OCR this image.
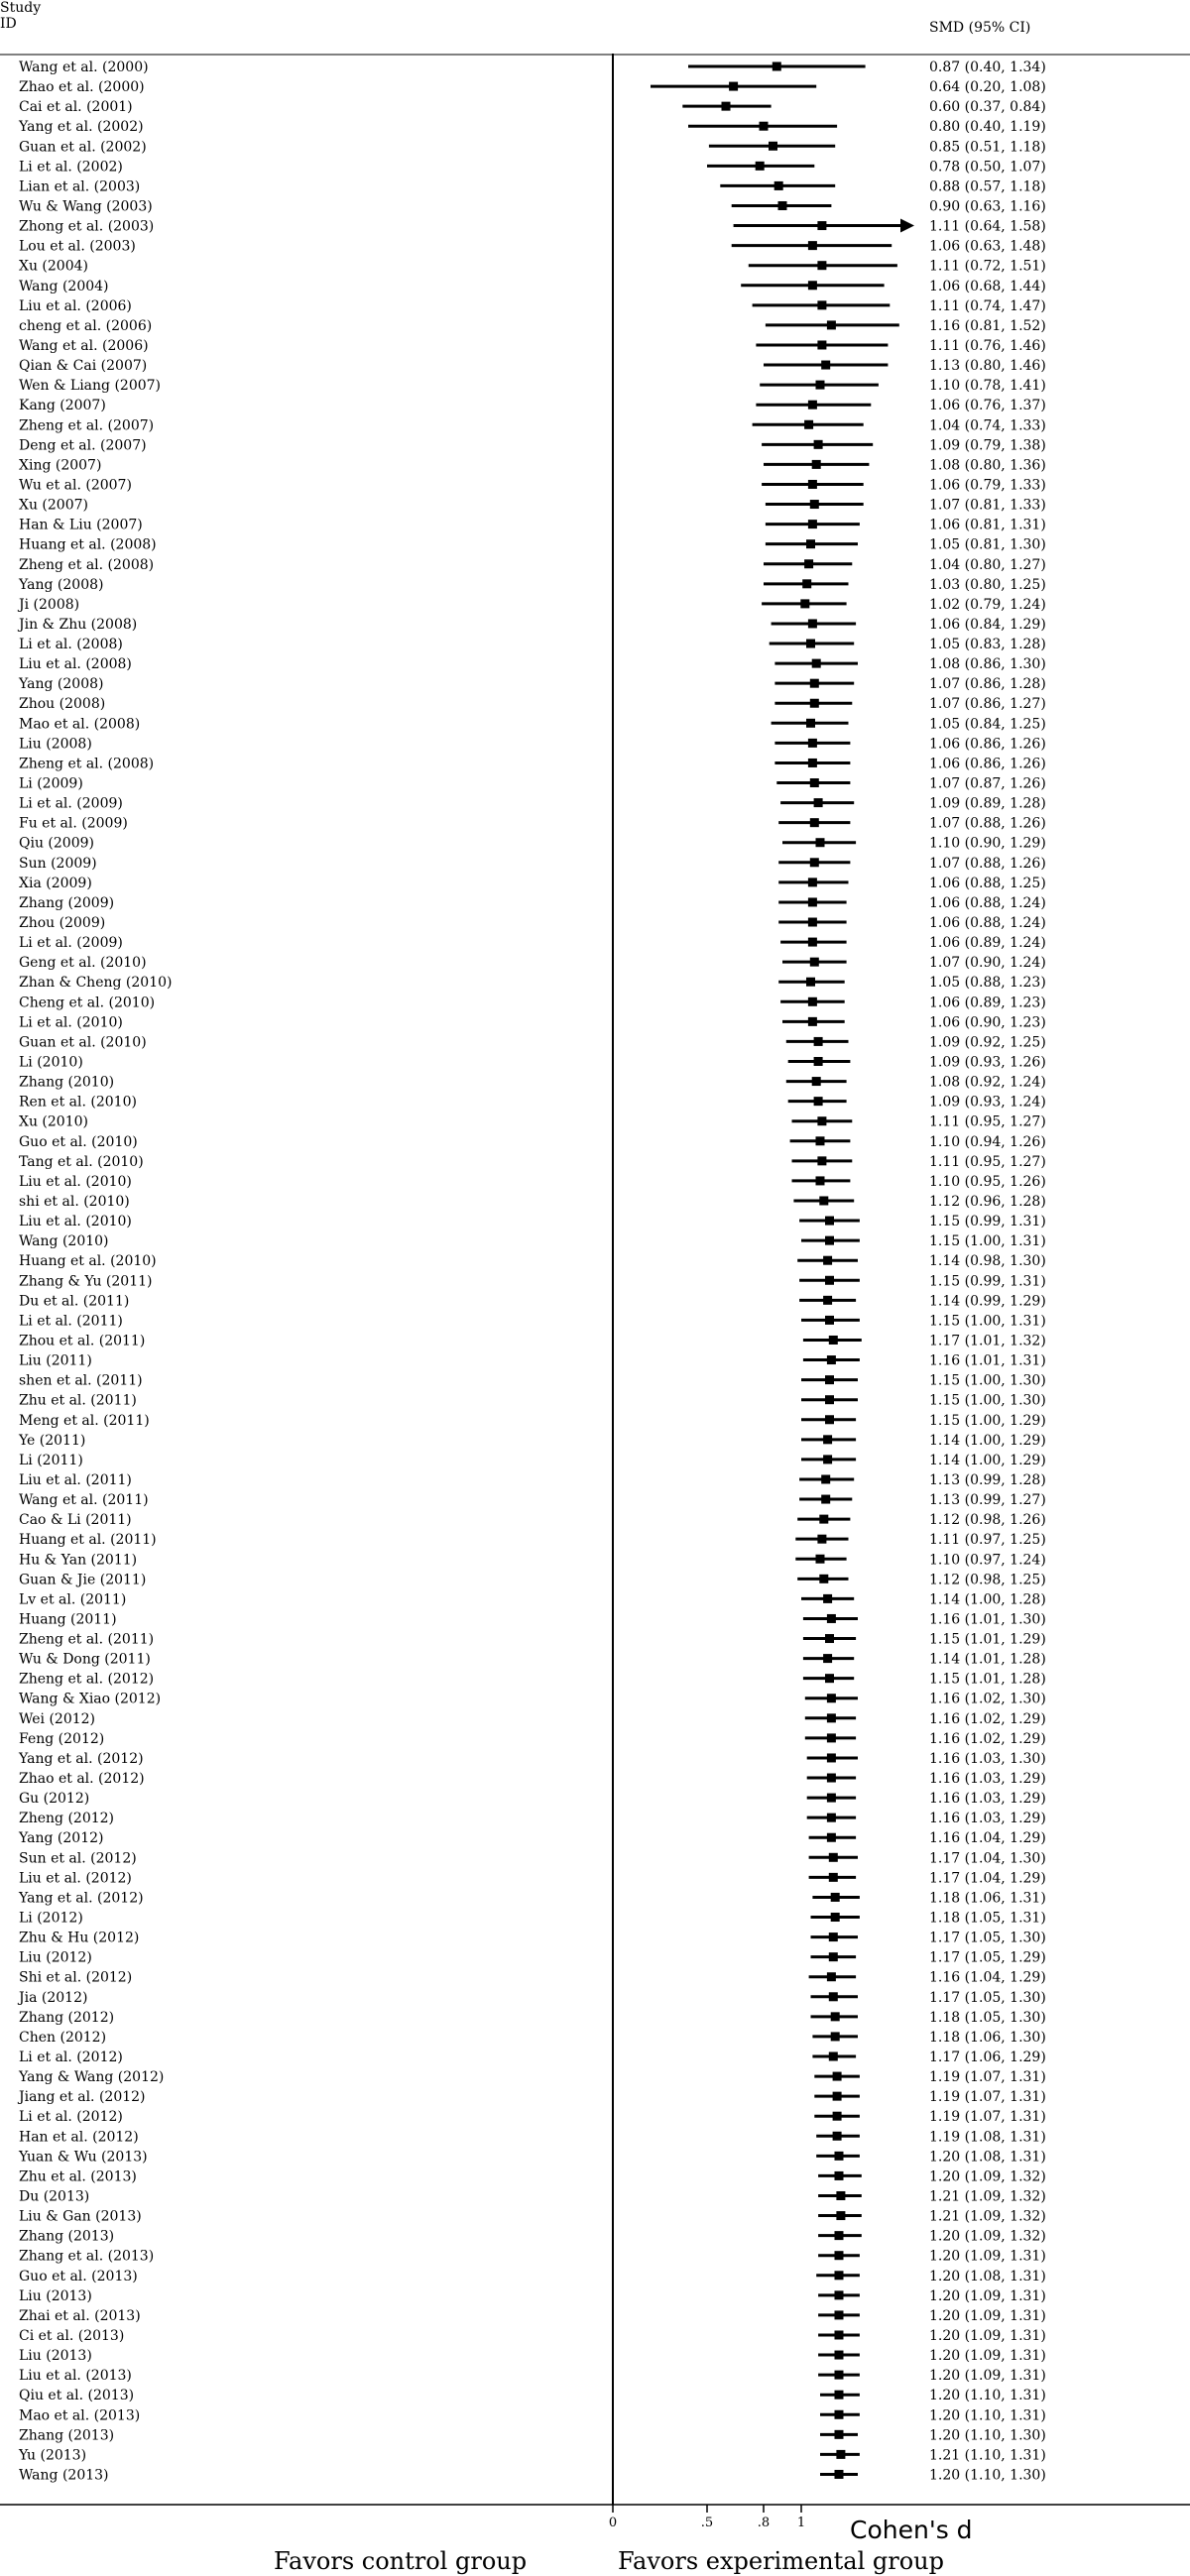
Study
ID	SMD (95% CI)
Wang et al. (2000)	0.87 (0.40, 1.34)
Zhao et al. (2000)	0.64 (0.20, 1.08)
Cai et al. (2001)	0.60 (0.37, 0.84)
Yang et al. (2002)	0.80 (0.40, 1.19)
Guan et al. (2002)	0.85 (0.51, 1.18)
Li et al. (2002)	0.78 (0.50, 1.07)
Lian et al. (2003)	0.88 (0.57, 1.18)
Wu & Wang (2003)	0.90 (0.63, 1.16)
Zhong et al. (2003)	1.11 (0.64, 1.58)
Lou et al. (2003)	1.06 (0.63, 1.48)
Xu (2004)	1.11 (0.72, 1.51)
Wang (2004)	1.06 (0.68, 1.44)
Liu et al. (2006)	1.11 (0.74, 1.47)
cheng et al. (2006)	1.16 (0.81, 1.52)
Wang et al. (2006)	1.11 (0.76, 1.46)
Qian & Cai (2007)	1.13 (0.80, 1.46)
Wen & Liang (2007)	1.10 (0.78, 1.41)
Kang (2007)	1.06 (0.76, 1.37)
Zheng et al. (2007)	1.04 (0.74, 1.33)
Deng et al. (2007)	1.09 (0.79, 1.38)
Xing (2007)	1.08 (0.80, 1.36)
Wu et al. (2007)	1.06 (0.79, 1.33)
Xu (2007)	1.07 (0.81, 1.33)
Han & Liu (2007)	1.06 (0.81, 1.31)
Huang et al. (2008)	1.05 (0.81, 1.30)
Zheng et al. (2008)	1.04 (0.80, 1.27)
Yang (2008)	1.03 (0.80, 1.25)
Ji (2008)	1.02 (0.79, 1.24)
Jin & Zhu (2008)	1.06 (0.84, 1.29)
Li et al. (2008)	1.05 (0.83, 1.28)
Liu et al. (2008)	1.08 (0.86, 1.30)
Yang (2008)	1.07 (0.86, 1.28)
Zhou (2008)	1.07 (0.86, 1.27)
Mao et al. (2008)	1.05 (0.84, 1.25)
Liu (2008)	1.06 (0.86, 1.26)
Zheng et al. (2008)	1.06 (0.86, 1.26)
Li (2009)	1.07 (0.87, 1.26)
Li et al. (2009)	1.09 (0.89, 1.28)
Fu et al. (2009)	1.07 (0.88, 1.26)
Qiu (2009)	1.10 (0.90, 1.29)
Sun (2009)	1.07 (0.88, 1.26)
Xia (2009)	1.06 (0.88, 1.25)
Zhang (2009)	1.06 (0.88, 1.24)
Zhou (2009)	1.06 (0.88, 1.24)
Li et al. (2009)	1.06 (0.89, 1.24)
Geng et al. (2010)	1.07 (0.90, 1.24)
Zhan & Cheng (2010)	1.05 (0.88, 1.23)
Cheng et al. (2010)	1.06 (0.89, 1.23)
Li et al. (2010)	1.06 (0.90, 1.23)
Guan et al. (2010)	1.09 (0.92, 1.25)
Li (2010)	1.09 (0.93, 1.26)
Zhang (2010)	1.08 (0.92, 1.24)
Ren et al. (2010)	1.09 (0.93, 1.24)
Xu (2010)	1.11 (0.95, 1.27)
Guo et al. (2010)	1.10 (0.94, 1.26)
Tang et al. (2010)	1.11 (0.95, 1.27)
Liu et al. (2010)	1.10 (0.95, 1.26)
shi et al. (2010)	1.12 (0.96, 1.28)
Liu et al. (2010)	1.15 (0.99, 1.31)
Wang (2010)	1.15 (1.00, 1.31)
Huang et al. (2010)	1.14 (0.98, 1.30)
Zhang & Yu (2011)	1.15 (0.99, 1.31)
Du et al. (2011)	1.14 (0.99, 1.29)
Li et al. (2011)	1.15 (1.00, 1.31)
Zhou et al. (2011)	1.17 (1.01, 1.32)
Liu (2011)	1.16 (1.01, 1.31)
shen et al. (2011)	1.15 (1.00, 1.30)
Zhu et al. (2011)	1.15 (1.00, 1.30)
Meng et al. (2011)	1.15 (1.00, 1.29)
Ye (2011)	1.14 (1.00, 1.29)
Li (2011)	1.14 (1.00, 1.29)
Liu et al. (2011)	1.13 (0.99, 1.28)
Wang et al. (2011)	1.13 (0.99, 1.27)
Cao & Li (2011)	1.12 (0.98, 1.26)
Huang et al. (2011)	1.11 (0.97, 1.25)
Hu & Yan (2011)	1.10 (0.97, 1.24)
Guan & Jie (2011)	1.12 (0.98, 1.25)
Lv et al. (2011)	1.14 (1.00, 1.28)
Huang (2011)	1.16 (1.01, 1.30)
Zheng et al. (2011)	1.15 (1.01, 1.29)
Wu & Dong (2011)	1.14 (1.01, 1.28)
Zheng et al. (2012)	1.15 (1.01, 1.28)
Wang & Xiao (2012)	1.16 (1.02, 1.30)
Wei (2012)	1.16 (1.02, 1.29)
Feng (2012)	1.16 (1.02, 1.29)
Yang et al. (2012)	1.16 (1.03, 1.30)
Zhao et al. (2012)	1.16 (1.03, 1.29)
Gu (2012)	1.16 (1.03, 1.29)
Zheng (2012)	1.16 (1.03, 1.29)
Yang (2012)	1.16 (1.04, 1.29)
Sun et al. (2012)	1.17 (1.04, 1.30)
Liu et al. (2012)	1.17 (1.04, 1.29)
Yang et al. (2012)	1.18 (1.06, 1.31)
Li (2012)	1.18 (1.05, 1.31)
Zhu & Hu (2012)	1.17 (1.05, 1.30)
Liu (2012)	1.17 (1.05, 1.29)
Shi et al. (2012)	1.16 (1.04, 1.29)
Jia (2012)	1.17 (1.05, 1.30)
Zhang (2012)	1.18 (1.05, 1.30)
Chen (2012)	1.18 (1.06, 1.30)
Li et al. (2012)	1.17 (1.06, 1.29)
Yang & Wang (2012)	1.19 (1.07, 1.31)
Jiang et al. (2012)	1.19 (1.07, 1.31)
Li et al. (2012)	1.19 (1.07, 1.31)
Han et al. (2012)	1.19 (1.08, 1.31)
Yuan & Wu (2013)	1.20 (1.08, 1.31)
Zhu et al. (2013)	1.20 (1.09, 1.32)
Du (2013)	1.21 (1.09, 1.32)
Liu & Gan (2013)	1.21 (1.09, 1.32)
Zhang (2013)	1.20 (1.09, 1.32)
Zhang et al. (2013)	1.20 (1.09, 1.31)
Guo et al. (2013)	1.20 (1.08, 1.31)
Liu (2013)	1.20 (1.09, 1.31)
Zhai et al. (2013)	1.20 (1.09, 1.31)
Ci et al. (2013)	1.20 (1.09, 1.31)
Liu (2013)	1.20 (1.09, 1.31)
Liu et al. (2013)	1.20 (1.09, 1.31)
Qiu et al. (2013)	1.20 (1.10, 1.31)
Mao et al. (2013)	1.20 (1.10, 1.31)
Zhang (2013)	1.20 (1.10, 1.30)
Yu (2013)	1.21 (1.10, 1.31)
Wang (2013)	1.20 (1.10, 1.30)
0	.5	.8 1 Cohen's d
Favors control group	Favors experimental group
